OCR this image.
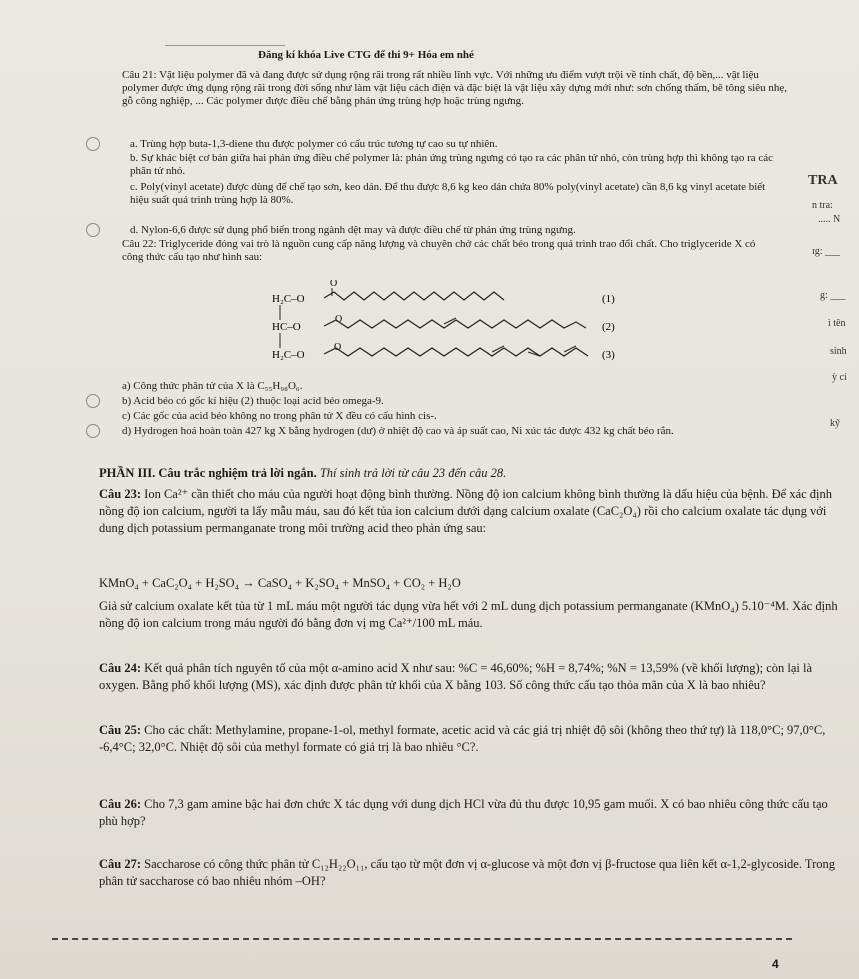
Đăng kí khóa Live CTG để thi 9+ Hóa em nhé
Câu 21: Vật liệu polymer đã và đang được sử dụng rộng rãi trong rất nhiều lĩnh vực. Với những ưu điểm vượt trội về tính chất, độ bền,... vật liệu polymer được ứng dụng rộng rãi trong đời sống như làm vật liệu cách điện và đặc biệt là vật liệu xây dựng mới như: sơn chống thấm, bê tông siêu nhẹ, gỗ công nghiệp, ... Các polymer được điều chế bằng phản ứng trùng hợp hoặc trùng ngưng.
a. Trùng hợp buta-1,3-diene thu được polymer có cấu trúc tương tự cao su tự nhiên.
b. Sự khác biệt cơ bản giữa hai phản ứng điều chế polymer là: phản ứng trùng ngưng có tạo ra các phân tử nhỏ, còn trùng hợp thì không tạo ra các phân tử nhỏ.
c. Poly(vinyl acetate) được dùng để chế tạo sơn, keo dán. Để thu được 8,6 kg keo dán chứa 80% poly(vinyl acetate) cần 8,6 kg vinyl acetate biết hiệu suất quá trình trùng hợp là 80%.
d. Nylon-6,6 được sử dụng phổ biến trong ngành dệt may và được điều chế từ phản ứng trùng ngưng.
Câu 22: Triglyceride đóng vai trò là nguồn cung cấp năng lượng và chuyên chở các chất béo trong quá trình trao đổi chất. Cho triglyceride X có công thức cấu tạo như hình sau:
H₂C–O
HC–O
H₂C–O
O
O
O
(1)
(2)
(3)
a) Công thức phân tử của X là C₅₅H₉₈O₆.
b) Acid béo có gốc kí hiệu (2) thuộc loại acid béo omega-9.
c) Các gốc của acid béo không no trong phân tử X đều có cấu hình cis-.
d) Hydrogen hoá hoàn toàn 427 kg X bằng hydrogen (dư) ở nhiệt độ cao và áp suất cao, Ni xúc tác được 432 kg chất béo rắn.
TRA
n tra:
..... N
ɪg: ___
g: ___
ì tên
sinh
ỳ cí
kỹ
PHẦN III. Câu trắc nghiệm trả lời ngắn. Thí sinh trả lời từ câu 23 đến câu 28.
Câu 23: Ion Ca²⁺ cần thiết cho máu của người hoạt động bình thường. Nồng độ ion calcium không bình thường là dấu hiệu của bệnh. Để xác định nồng độ ion calcium, người ta lấy mẫu máu, sau đó kết tủa ion calcium dưới dạng calcium oxalate (CaC₂O₄) rồi cho calcium oxalate tác dụng với dung dịch potassium permanganate trong môi trường acid theo phản ứng sau:
KMnO₄ + CaC₂O₄ + H₂SO₄ → CaSO₄ + K₂SO₄ + MnSO₄ + CO₂ + H₂O
Giả sử calcium oxalate kết tủa từ 1 mL máu một người tác dụng vừa hết với 2 mL dung dịch potassium permanganate (KMnO₄) 5.10⁻⁴M. Xác định nồng độ ion calcium trong máu người đó bằng đơn vị mg Ca²⁺/100 mL máu.
Câu 24: Kết quả phân tích nguyên tố của một α-amino acid X như sau: %C = 46,60%; %H = 8,74%; %N = 13,59% (về khối lượng); còn lại là oxygen. Bằng phổ khối lượng (MS), xác định được phân tử khối của X bằng 103. Số công thức cấu tạo thỏa mãn của X là bao nhiêu?
Câu 25: Cho các chất: Methylamine, propane-1-ol, methyl formate, acetic acid và các giá trị nhiệt độ sôi (không theo thứ tự) là 118,0°C; 97,0°C, -6,4°C; 32,0°C. Nhiệt độ sôi của methyl formate có giá trị là bao nhiêu °C?.
Câu 26: Cho 7,3 gam amine bậc hai đơn chức X tác dụng với dung dịch HCl vừa đủ thu được 10,95 gam muối. X có bao nhiêu công thức cấu tạo phù hợp?
Câu 27: Saccharose có công thức phân tử C₁₂H₂₂O₁₁, cấu tạo từ một đơn vị α-glucose và một đơn vị β-fructose qua liên kết α-1,2-glycoside. Trong phân tử saccharose có bao nhiêu nhóm –OH?
4
